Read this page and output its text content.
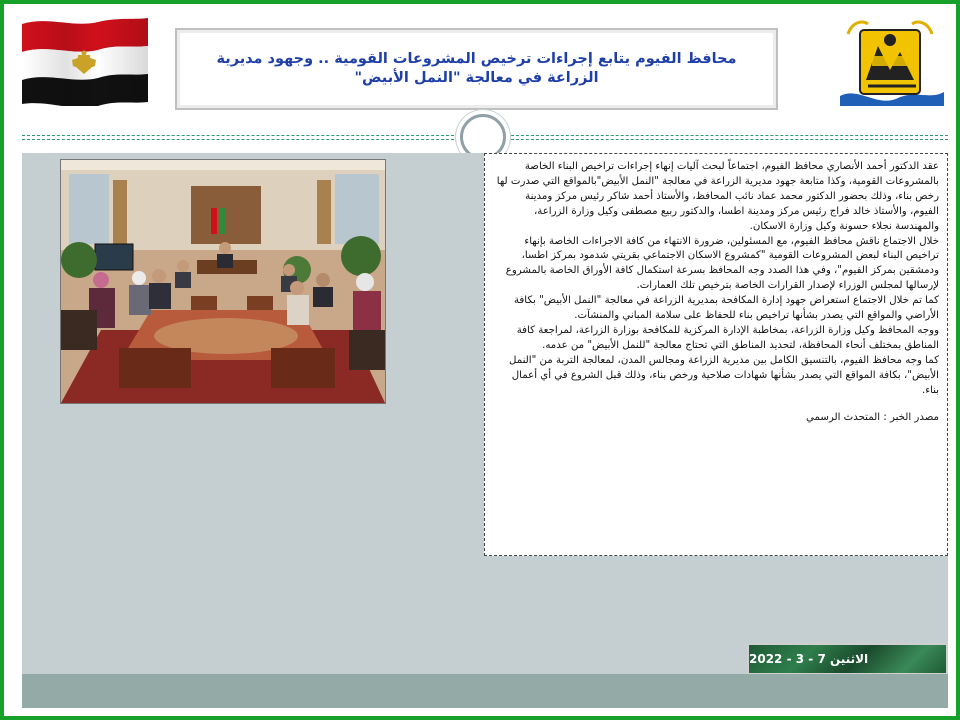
محافظ الفيوم يتابع إجراءات ترخيص المشروعات القومية .. وجهود مديرية الزراعة في معالجة "النمل الأبيض"

عقد الدكتور أحمد الأنصاري محافظ الفيوم، اجتماعاً لبحث آليات إنهاء إجراءات تراخيص البناء الخاصة بالمشروعات القومية، وكذا متابعة جهود مديرية الزراعة في معالجة "النمل الأبيض"بالمواقع التي صدرت لها رخص بناء، وذلك بحضور الدكتور محمد عماد نائب المحافظ، والأستاذ أحمد شاكر رئيس مركز ومدينة الفيوم، والأستاذ خالد فراج رئيس مركز ومدينة اطسا، والدكتور ربيع مصطفى وكيل وزارة الزراعة، والمهندسة نجلاء حسونة وكيل وزارة الاسكان.

خلال الاجتماع ناقش محافظ الفيوم، مع المسئولين، ضرورة الانتهاء من كافة الاجراءات الخاصة بإنهاء تراخيص البناء لبعض المشروعات القومية "كمشروع الاسكان الاجتماعي بقريتي شدمود بمركز اطسا، ودمشقين بمركز الفيوم"، وفي هذا الصدد وجه المحافظ بسرعة استكمال كافة الأوراق الخاصة بالمشروع لإرسالها لمجلس الوزراء لإصدار القرارات الخاصة بترخيص تلك العمارات.

كما تم خلال الاجتماع استعراض جهود إدارة المكافحة بمديرية الزراعة في معالجة "النمل الأبيض" بكافة الأراضي والمواقع التي يصدر بشأنها تراخيص بناء للحفاظ على سلامة المباني والمنشآت.

ووجه المحافظ وكيل وزارة الزراعة، بمخاطبة الإدارة المركزية للمكافحة بوزارة الزراعة، لمراجعة كافة المناطق بمختلف أنحاء المحافظة، لتحديد المناطق التي تحتاج معالجة "للنمل الأبيض" من عدمه.

كما وجه محافظ الفيوم، بالتنسيق الكامل بين مديرية الزراعة ومجالس المدن، لمعالجة التربة من "النمل الأبيض"، بكافة المواقع التي يصدر بشأنها شهادات صلاحية ورخص بناء، وذلك قبل الشروع في أي أعمال بناء.

مصدر الخبر : المتحدث الرسمي

الاثنين 7 - 3 - 2022
